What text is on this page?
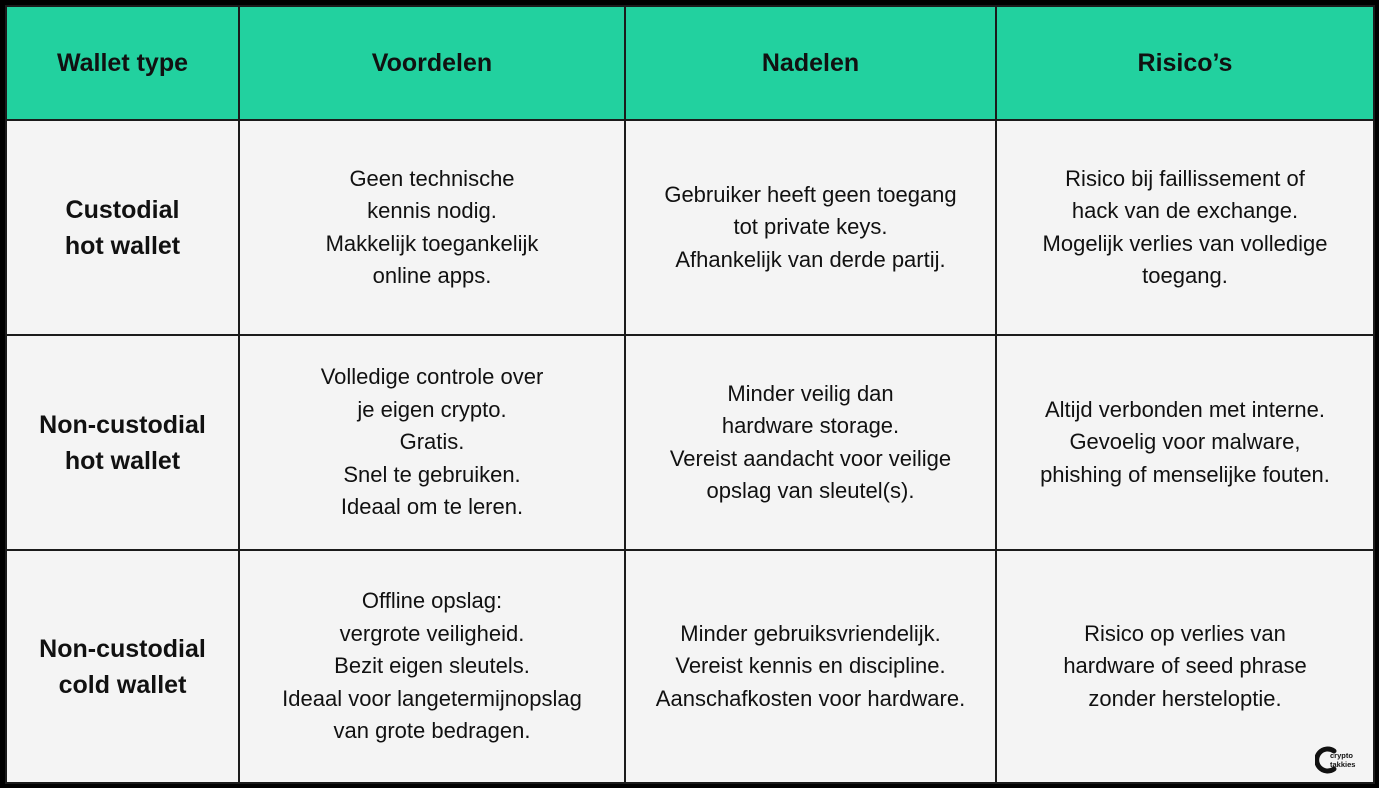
Wallet type	Voordelen	Nadelen	Risico’s

Custodial
hot wallet	Geen technische
kennis nodig.
Makkelijk toegankelijk
online apps.	Gebruiker heeft geen toegang
tot private keys.
Afhankelijk van derde partij.	Risico bij faillissement of
hack van de exchange.
Mogelijk verlies van volledige
toegang.

Non-custodial
hot wallet	Volledige controle over
je eigen crypto.
Gratis.
Snel te gebruiken.
Ideaal om te leren.	Minder veilig dan
hardware storage.
Vereist aandacht voor veilige
opslag van sleutel(s).	Altijd verbonden met interne.
Gevoelig voor malware,
phishing of menselijke fouten.

Non-custodial
cold wallet	Offline opslag:
vergrote veiligheid.
Bezit eigen sleutels.
Ideaal voor langetermijnopslag
van grote bedragen.	Minder gebruiksvriendelijk.
Vereist kennis en discipline.
Aanschafkosten voor hardware.	Risico op verlies van
hardware of seed phrase
zonder hersteloptie.
crypto
takkies
